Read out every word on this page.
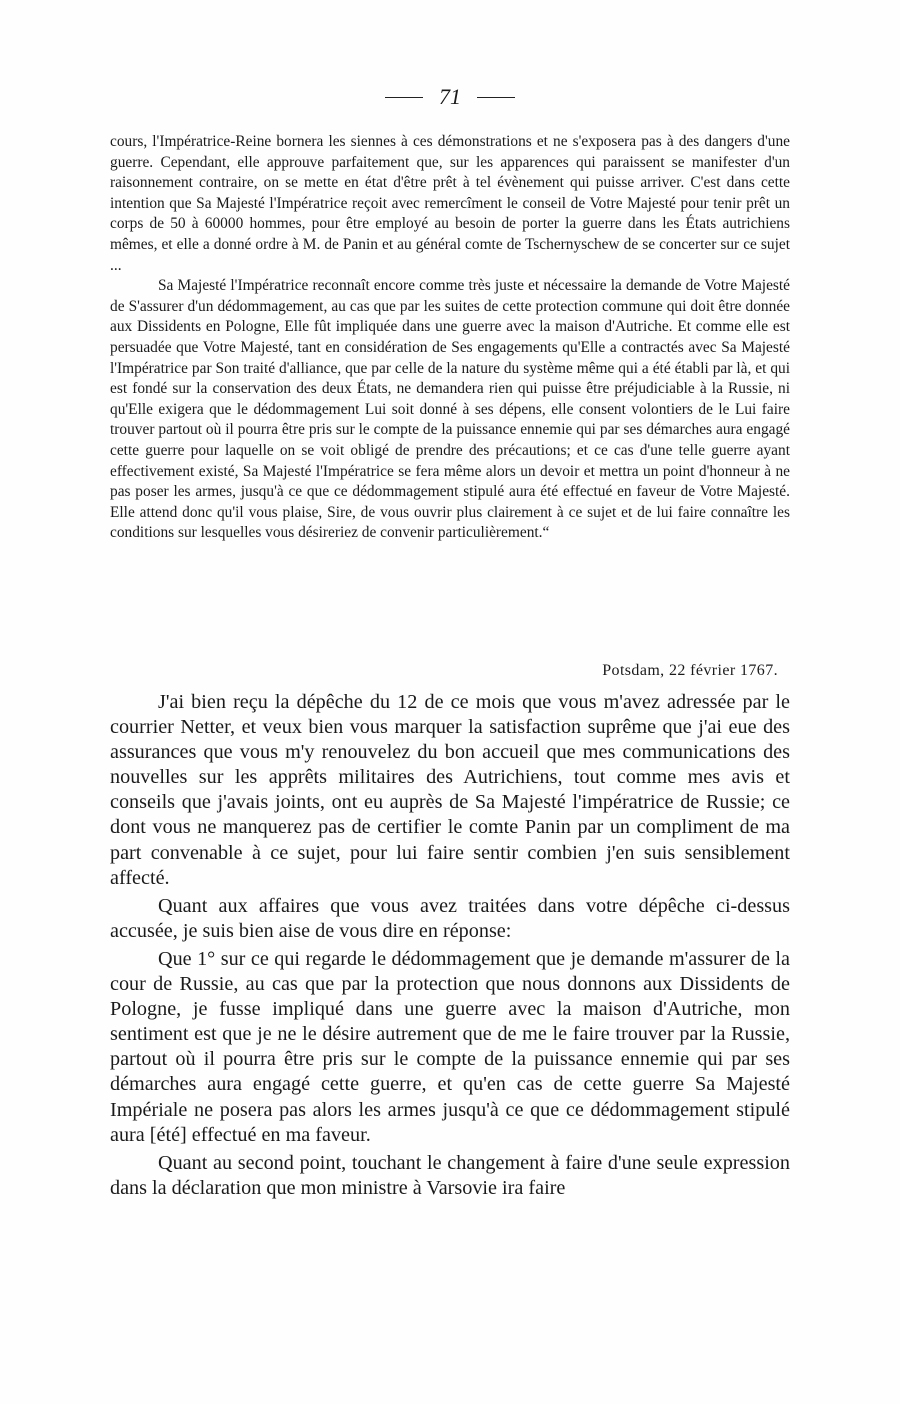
71

cours, l'Impératrice-Reine bornera les siennes à ces démonstrations et ne s'exposera pas à des dangers d'une guerre. Cependant, elle approuve parfaitement que, sur les apparences qui paraissent se manifester d'un raisonnement contraire, on se mette en état d'être prêt à tel évènement qui puisse arriver. C'est dans cette intention que Sa Majesté l'Impératrice reçoit avec remercîment le conseil de Votre Majesté pour tenir prêt un corps de 50 à 60000 hommes, pour être employé au besoin de porter la guerre dans les États autrichiens mêmes, et elle a donné ordre à M. de Panin et au général comte de Tschernyschew de se concerter sur ce sujet ...

Sa Majesté l'Impératrice reconnaît encore comme très juste et nécessaire la demande de Votre Majesté de S'assurer d'un dédommagement, au cas que par les suites de cette protection commune qui doit être donnée aux Dissidents en Pologne, Elle fût impliquée dans une guerre avec la maison d'Autriche. Et comme elle est persuadée que Votre Majesté, tant en considération de Ses engagements qu'Elle a contractés avec Sa Majesté l'Impératrice par Son traité d'alliance, que par celle de la nature du système même qui a été établi par là, et qui est fondé sur la conservation des deux États, ne demandera rien qui puisse être préjudiciable à la Russie, ni qu'Elle exigera que le dédommagement Lui soit donné à ses dépens, elle consent volontiers de le Lui faire trouver partout où il pourra être pris sur le compte de la puissance ennemie qui par ses démarches aura engagé cette guerre pour laquelle on se voit obligé de prendre des précautions; et ce cas d'une telle guerre ayant effectivement existé, Sa Majesté l'Impératrice se fera même alors un devoir et mettra un point d'honneur à ne pas poser les armes, jusqu'à ce que ce dédommagement stipulé aura été effectué en faveur de Votre Majesté. Elle attend donc qu'il vous plaise, Sire, de vous ouvrir plus clairement à ce sujet et de lui faire connaître les conditions sur lesquelles vous désireriez de convenir particulièrement.“

Potsdam, 22 février 1767.

J'ai bien reçu la dépêche du 12 de ce mois que vous m'avez adressée par le courrier Netter, et veux bien vous marquer la satisfaction suprême que j'ai eue des assurances que vous m'y renouvelez du bon accueil que mes communications des nouvelles sur les apprêts militaires des Autrichiens, tout comme mes avis et conseils que j'avais joints, ont eu auprès de Sa Majesté l'impératrice de Russie; ce dont vous ne manquerez pas de certifier le comte Panin par un compliment de ma part convenable à ce sujet, pour lui faire sentir combien j'en suis sensiblement affecté.

Quant aux affaires que vous avez traitées dans votre dépêche ci-dessus accusée, je suis bien aise de vous dire en réponse:

Que 1° sur ce qui regarde le dédommagement que je demande m'assurer de la cour de Russie, au cas que par la protection que nous donnons aux Dissidents de Pologne, je fusse impliqué dans une guerre avec la maison d'Autriche, mon sentiment est que je ne le désire autrement que de me le faire trouver par la Russie, partout où il pourra être pris sur le compte de la puissance ennemie qui par ses démarches aura engagé cette guerre, et qu'en cas de cette guerre Sa Majesté Impériale ne posera pas alors les armes jusqu'à ce que ce dédommagement stipulé aura [été] effectué en ma faveur.

Quant au second point, touchant le changement à faire d'une seule expression dans la déclaration que mon ministre à Varsovie ira faire
